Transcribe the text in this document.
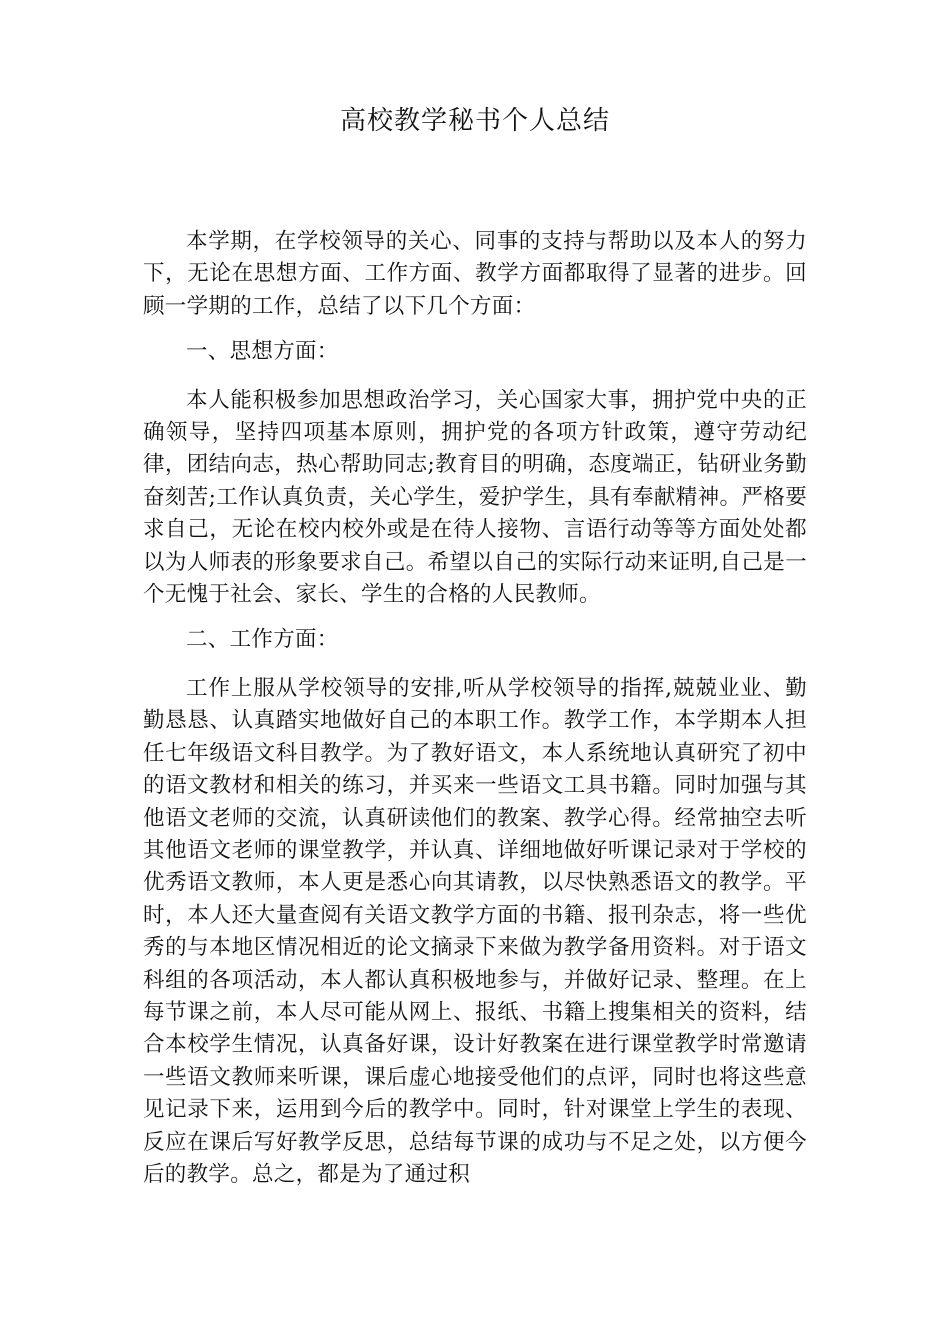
高校教学秘书个人总结

本学期，在学校领导的关心、同事的支持与帮助以及本人的努力下，无论在思想方面、工作方面、教学方面都取得了显著的进步。回顾一学期的工作，总结了以下几个方面：

一、思想方面：

本人能积极参加思想政治学习，关心国家大事，拥护党中央的正确领导，坚持四项基本原则，拥护党的各项方针政策，遵守劳动纪律，团结向志，热心帮助同志;教育目的明确，态度端正，钻研业务勤奋刻苦;工作认真负责，关心学生，爱护学生，具有奉献精神。严格要求自己，无论在校内校外或是在待人接物、言语行动等等方面处处都以为人师表的形象要求自己。希望以自己的实际行动来证明,自己是一个无愧于社会、家长、学生的合格的人民教师。

二、工作方面：

工作上服从学校领导的安排,听从学校领导的指挥,兢兢业业、勤勤恳恳、认真踏实地做好自己的本职工作。教学工作，本学期本人担任七年级语文科目教学。为了教好语文，本人系统地认真研究了初中的语文教材和相关的练习，并买来一些语文工具书籍。同时加强与其他语文老师的交流，认真研读他们的教案、教学心得。经常抽空去听其他语文老师的课堂教学，并认真、详细地做好听课记录对于学校的优秀语文教师，本人更是悉心向其请教，以尽快熟悉语文的教学。平时，本人还大量查阅有关语文教学方面的书籍、报刊杂志，将一些优秀的与本地区情况相近的论文摘录下来做为教学备用资料。对于语文科组的各项活动，本人都认真积极地参与，并做好记录、整理。在上每节课之前，本人尽可能从网上、报纸、书籍上搜集相关的资料，结合本校学生情况，认真备好课，设计好教案在进行课堂教学时常邀请一些语文教师来听课，课后虚心地接受他们的点评，同时也将这些意见记录下来，运用到今后的教学中。同时，针对课堂上学生的表现、反应在课后写好教学反思，总结每节课的成功与不足之处，以方便今后的教学。总之，都是为了通过积
